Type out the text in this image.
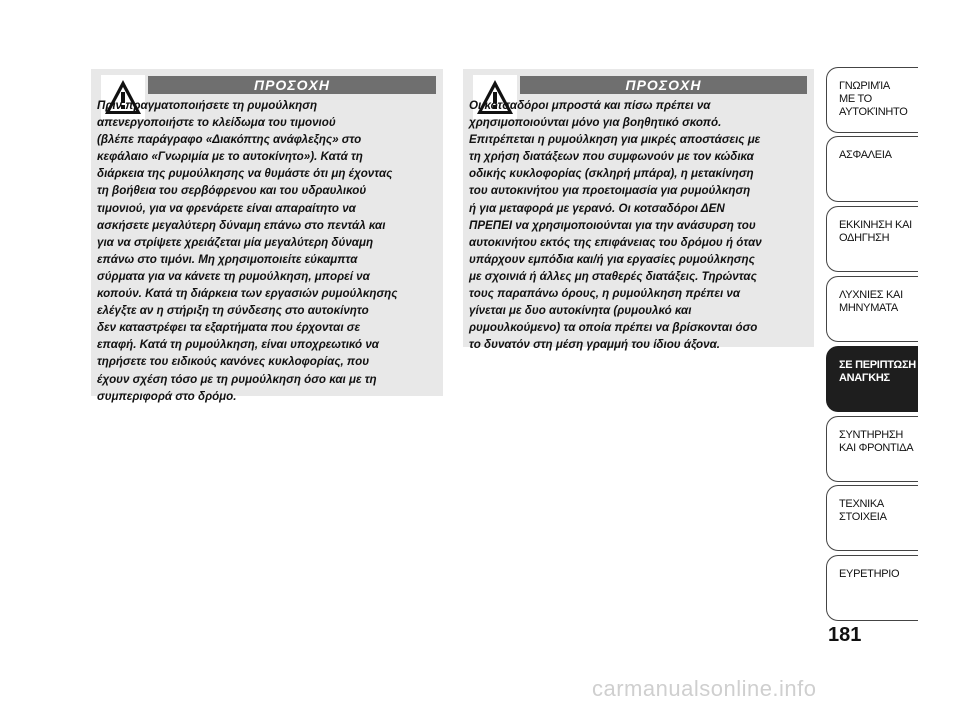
ΠΡΟΣΟΧΗ
Πριν πραγματοποιήσετε τη ρυμούλκηση
απενεργοποιήστε το κλείδωμα του τιμονιού
(βλέπε παράγραφο «Διακόπτης ανάφλεξης» στο
κεφάλαιο «Γνωριμία με το αυτοκίνητο»). Κατά τη
διάρκεια της ρυμούλκησης να θυμάστε ότι μη έχοντας
τη βοήθεια του σερβόφρενου και του υδραυλικού
τιμονιού, για να φρενάρετε είναι απαραίτητο να
ασκήσετε μεγαλύτερη δύναμη επάνω στο πεντάλ και
για να στρίψετε χρειάζεται μία μεγαλύτερη δύναμη
επάνω στο τιμόνι. Μη χρησιμοποιείτε εύκαμπτα
σύρματα για να κάνετε τη ρυμούλκηση, μπορεί να
κοπούν. Κατά τη διάρκεια των εργασιών ρυμούλκησης
ελέγξτε αν η στήριξη τη σύνδεσης στο αυτοκίνητο
δεν καταστρέφει τα εξαρτήματα που έρχονται σε
επαφή. Κατά τη ρυμούλκηση, είναι υποχρεωτικό να
τηρήσετε του ειδικούς κανόνες κυκλοφορίας, που
έχουν σχέση τόσο με τη ρυμούλκηση όσο και με τη
συμπεριφορά στο δρόμο.
ΠΡΟΣΟΧΗ
Οι κοτσαδόροι μπροστά και πίσω πρέπει να
χρησιμοποιούνται μόνο για βοηθητικό σκοπό.
Επιτρέπεται η ρυμούλκηση για μικρές αποστάσεις με
τη χρήση διατάξεων που συμφωνούν με τον κώδικα
οδικής κυκλοφορίας (σκληρή μπάρα), η μετακίνηση
του αυτοκινήτου για προετοιμασία για ρυμούλκηση
ή για μεταφορά με γερανό. Οι κοτσαδόροι ΔΕΝ
ΠΡΕΠΕΙ να χρησιμοποιούνται για την ανάσυρση του
αυτοκινήτου εκτός της επιφάνειας του δρόμου ή όταν
υπάρχουν εμπόδια και/ή για εργασίες ρυμούλκησης
με σχοινιά ή άλλες μη σταθερές διατάξεις. Τηρώντας
τους παραπάνω όρους, η ρυμούλκηση πρέπει να
γίνεται με δυο αυτοκίνητα (ρυμουλκό και
ρυμουλκούμενο) τα οποία πρέπει να βρίσκονται όσο
το δυνατόν στη μέση γραμμή του ίδιου άξονα.
ΓΝΩΡΙΜΊΑ
ΜΕ ΤΟ
ΑΥΤΟΚΊΝΗΤΟ
ΑΣΦΑΛΕΙΑ
ΕΚΚΙΝΗΣΗ ΚΑΙ
ΟΔΗΓΗΣΗ
ΛΥΧΝΙΕΣ ΚΑΙ
ΜΗΝΥΜΑΤΑ
ΣΕ ΠΕΡΙΠΤΩΣΗ
ΑΝΑΓΚΗΣ
ΣΥΝΤΗΡΗΣΗ
ΚΑΙ ΦΡΟΝΤΙΔΑ
ΤΕΧΝΙΚΑ
ΣΤΟΙΧΕΙΑ
ΕΥΡΕΤΗΡΙΟ
181
carmanualsonline.info
